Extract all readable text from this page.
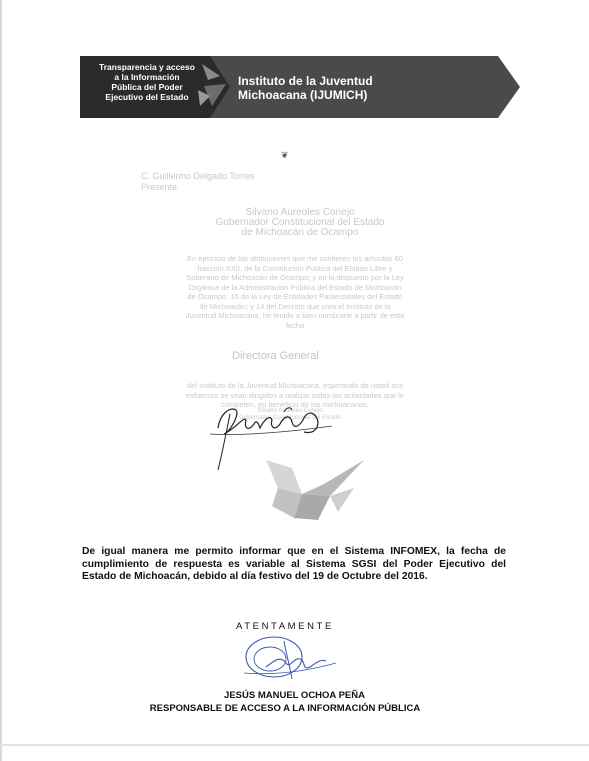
Transparencia y acceso
a la Información
Pública del Poder
Ejecutivo del Estado
Instituto de la Juventud
Michoacana (IJUMICH)
❦
C. Guillermo Delgado Torres
Presente
Silvano Aureoles Conejo
Gobernador Constitucional del Estado
de Michoacán de Ocampo
En ejercicio de las atribuciones que me confieren los artículos 60
fracción XXII, de la Constitución Política del Estado Libre y
Soberano de Michoacán de Ocampo; y en lo dispuesto por la Ley
Orgánica de la Administración Pública del Estado de Michoacán
de Ocampo; 15 de la Ley de Entidades Paraestatales del Estado
de Michoacán; y 14 del Decreto que crea el Instituto de la
Juventud Michoacana, he tenido a bien nombrarle a partir de esta
fecha
Directora General
del Instituto de la Juventud Michoacana, esperando de usted sus
esfuerzos se vean dirigidos a realizar todas las actividades que le
competen, en beneficio de los michoacanos.
Silvano Aureoles Conejo
Gobernador Constitucional del Estado
De igual manera me permito informar que en el Sistema INFOMEX, la fecha de cumplimiento de respuesta es variable al Sistema SGSI del Poder Ejecutivo del Estado de Michoacán, debido al día festivo del 19 de Octubre del 2016.
ATENTAMENTE
JESÚS MANUEL OCHOA PEÑA
RESPONSABLE DE ACCESO A LA INFORMACIÓN PÚBLICA
